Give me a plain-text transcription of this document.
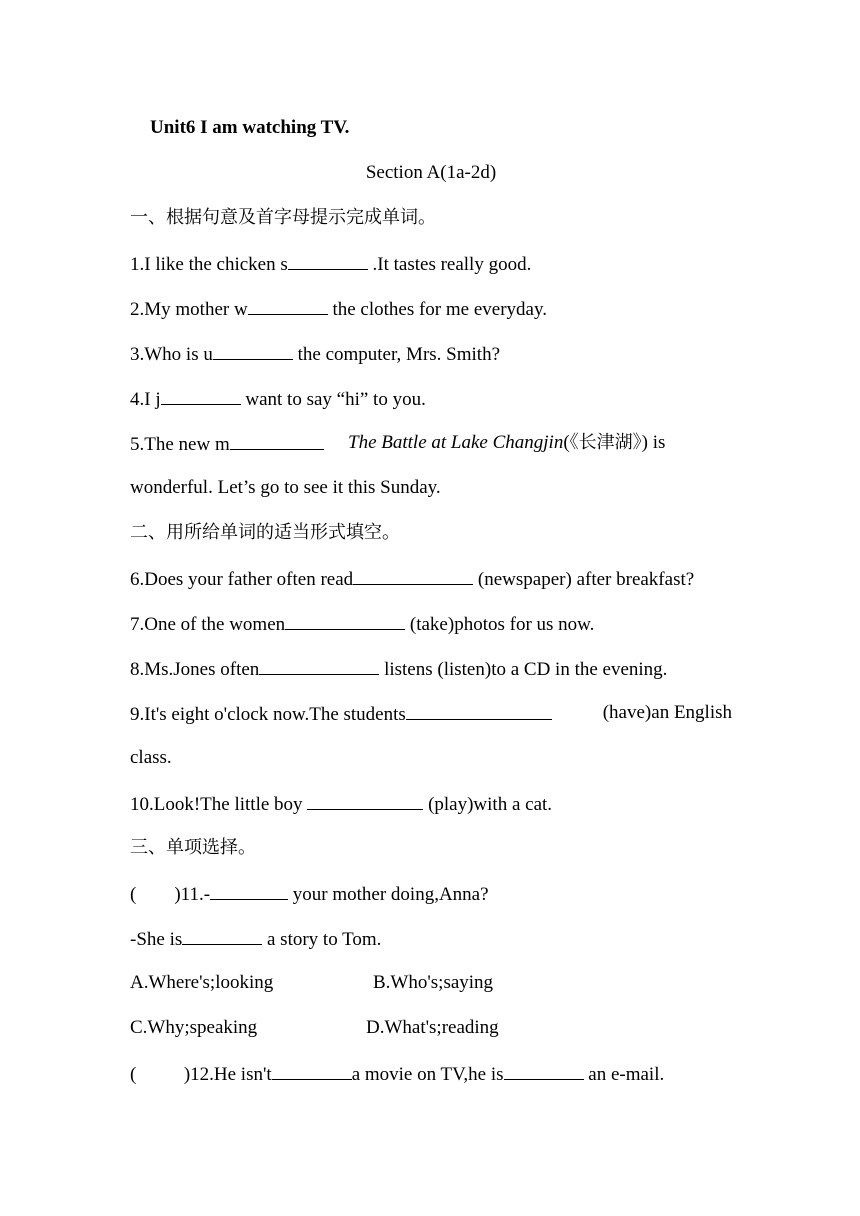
Unit6 I am watching TV.
Section A(1a-2d)
一、根据句意及首字母提示完成单词。
1.I like the chicken s	.It tastes really good.
2.My mother w	the clothes for me everyday.
3.Who is u	the computer, Mrs. Smith?
4.I j	want to say “hi” to you.
5.The new m	The Battle at Lake Changjin(《长津湖》) is
wonderful. Let’s go to see it this Sunday.
二、用所给单词的适当形式填空。
6.Does your father often read	(newspaper) after breakfast?
7.One of the women	(take)photos for us now.
8.Ms.Jones often	listens (listen)to a CD in the evening.
9.It's eight o'clock now.The students	(have)an English
class.
10.Look!The little boy	(play)with a cat.
三、单项选择。
(        )11.-	your mother doing,Anna?
-She is	a story to Tom.
A.Where's;looking	B.Who's;saying
C.Why;speaking	D.What's;reading
(          )12.He isn't	a movie on TV,he is	an e-mail.
